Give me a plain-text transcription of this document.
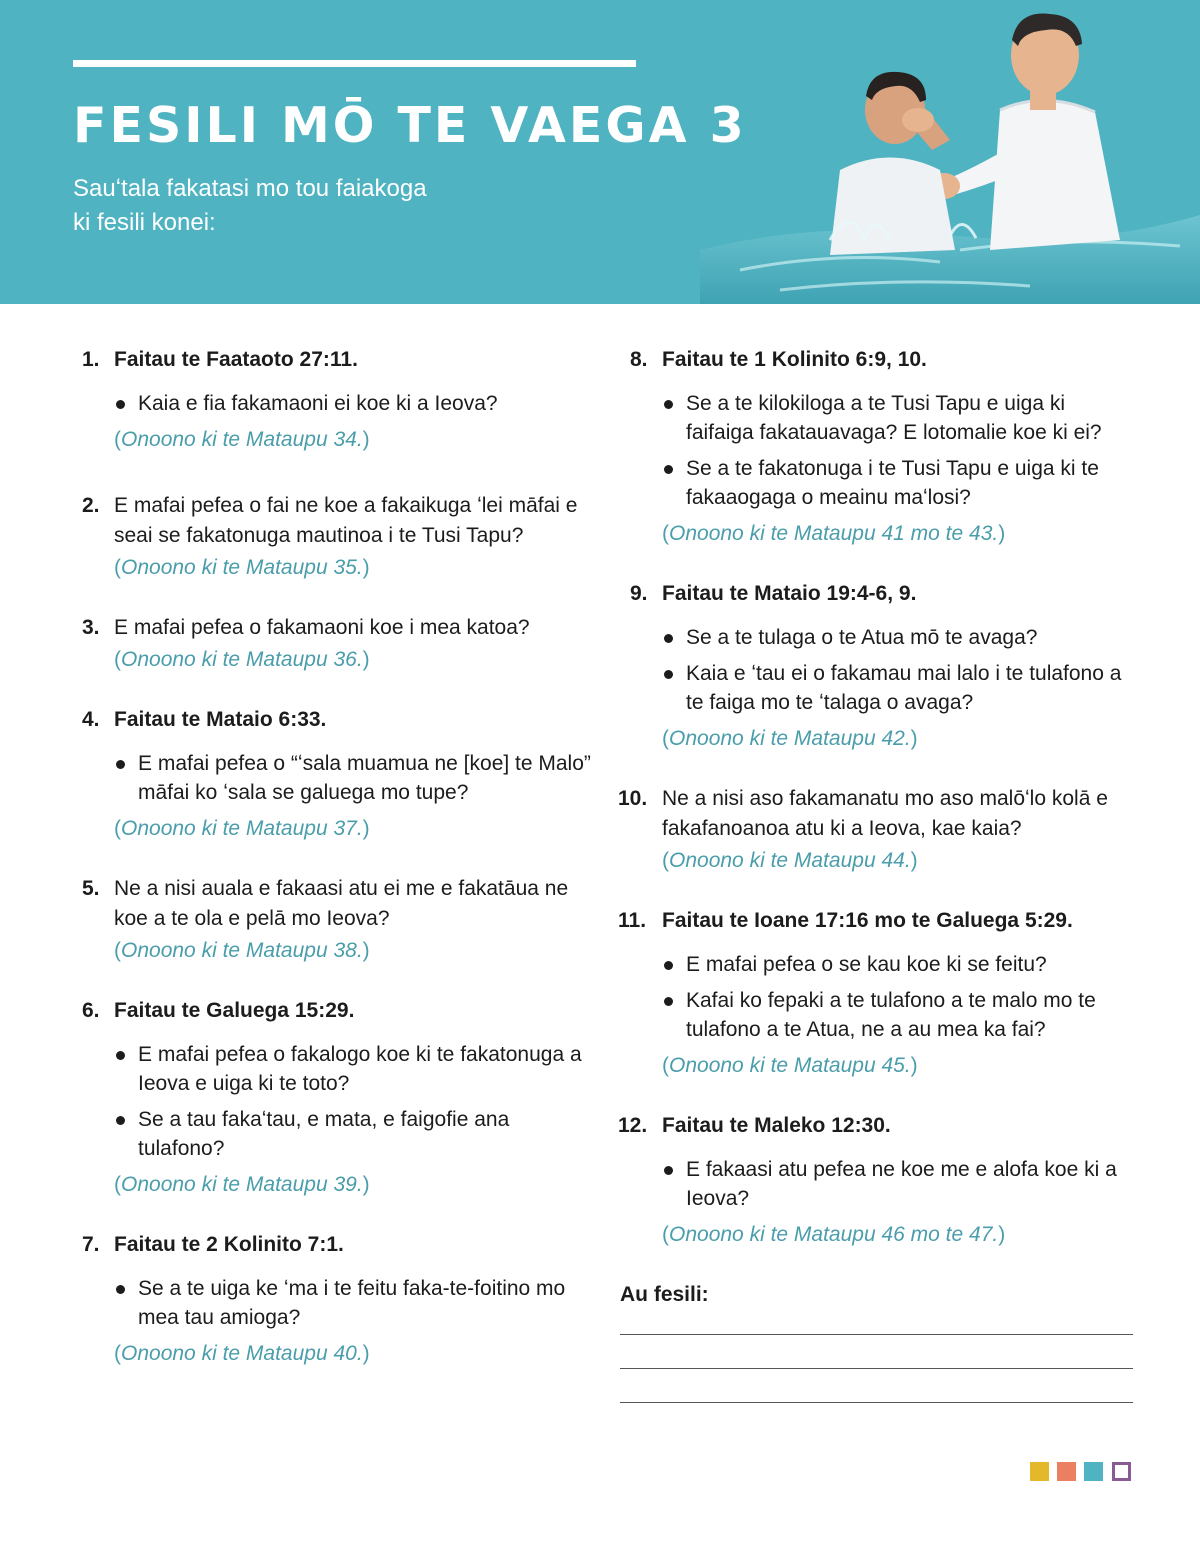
FESILI MŌ TE VAEGA 3

Sauʻtala fakatasi mo tou faiakoga ki fesili konei:

1. Faitau te Faataoto 27:11.

Kaia e fia fakamaoni ei koe ki a Ieova?

(Onoono ki te Mataupu 34.)

2. E mafai pefea o fai ne koe a fakaikuga ʻlei māfai e seai se fakatonuga mautinoa i te Tusi Tapu?

(Onoono ki te Mataupu 35.)

3. E mafai pefea o fakamaoni koe i mea katoa?

(Onoono ki te Mataupu 36.)

4. Faitau te Mataio 6:33.

E mafai pefea o “ʻsala muamua ne [koe] te Malo” māfai ko ʻsala se galuega mo tupe?

(Onoono ki te Mataupu 37.)

5. Ne a nisi auala e fakaasi atu ei me e fakatāua ne koe a te ola e pelā mo Ieova?

(Onoono ki te Mataupu 38.)

6. Faitau te Galuega 15:29.

E mafai pefea o fakalogo koe ki te fakatonuga a Ieova e uiga ki te toto?
Se a tau fakaʻtau, e mata, e faigofie ana tulafono?

(Onoono ki te Mataupu 39.)

7. Faitau te 2 Kolinito 7:1.

Se a te uiga ke ʻma i te feitu faka-te-foitino mo mea tau amioga?

(Onoono ki te Mataupu 40.)

8. Faitau te 1 Kolinito 6:9, 10.

Se a te kilokiloga a te Tusi Tapu e uiga ki faifaiga fakatauavaga? E lotomalie koe ki ei?
Se a te fakatonuga i te Tusi Tapu e uiga ki te fakaaogaga o meainu maʻlosi?

(Onoono ki te Mataupu 41 mo te 43.)

9. Faitau te Mataio 19:4-6, 9.

Se a te tulaga o te Atua mō te avaga?
Kaia e ʻtau ei o fakamau mai lalo i te tulafono a te faiga mo te ʻtalaga o avaga?

(Onoono ki te Mataupu 42.)

10. Ne a nisi aso fakamanatu mo aso malōʻlo kolā e fakafanoanoa atu ki a Ieova, kae kaia?

(Onoono ki te Mataupu 44.)

11. Faitau te Ioane 17:16 mo te Galuega 5:29.

E mafai pefea o se kau koe ki se feitu?
Kafai ko fepaki a te tulafono a te malo mo te tulafono a te Atua, ne a au mea ka fai?

(Onoono ki te Mataupu 45.)

12. Faitau te Maleko 12:30.

E fakaasi atu pefea ne koe me e alofa koe ki a Ieova?

(Onoono ki te Mataupu 46 mo te 47.)

Au fesili:
